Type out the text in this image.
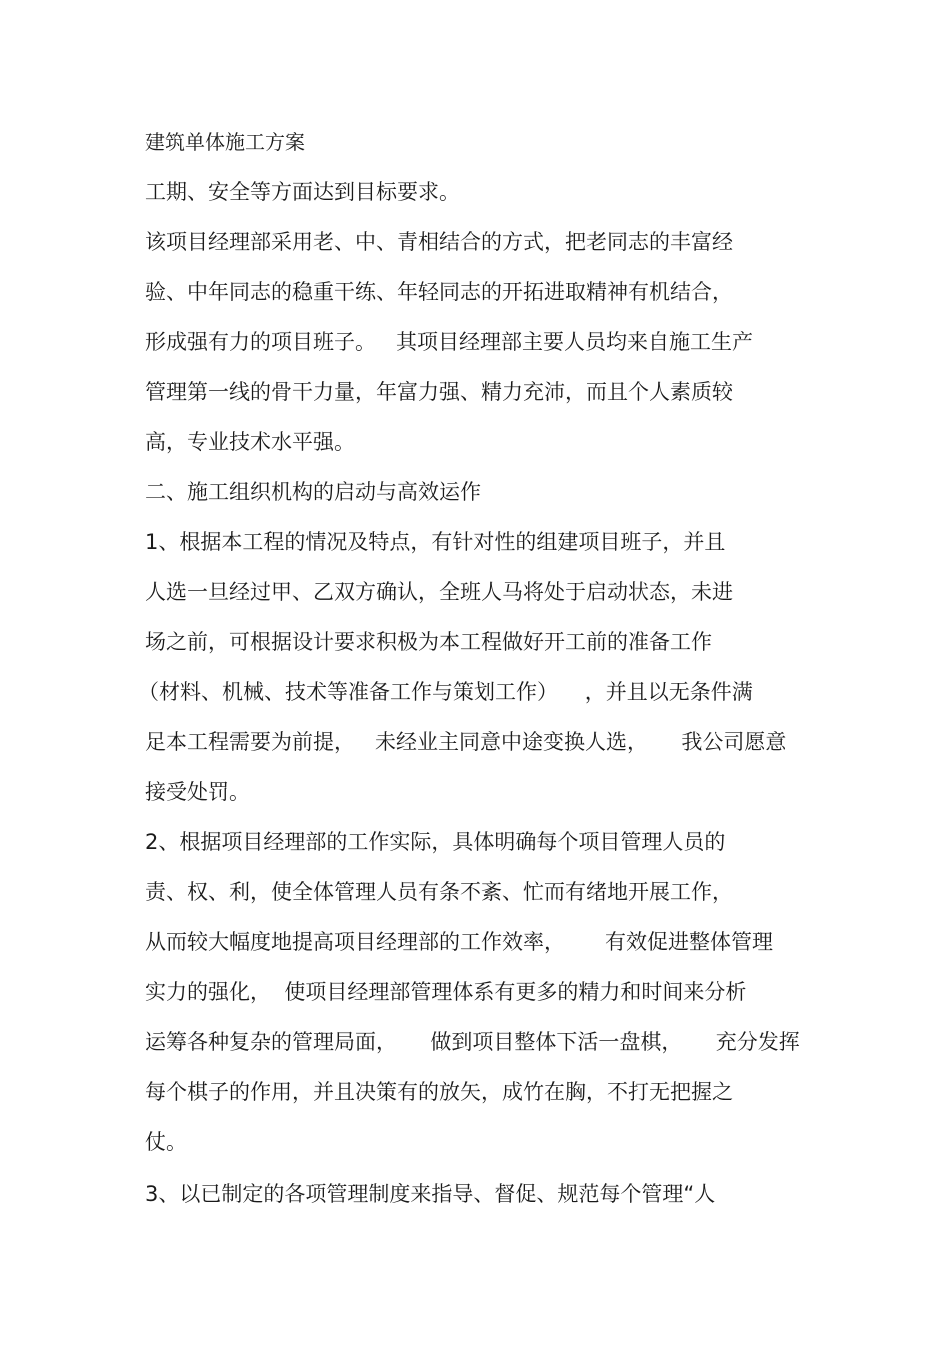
建筑单体施工方案
工期、安全等方面达到目标要求。
该项目经理部采用老、中、青相结合的方式，把老同志的丰富经
验、中年同志的稳重干练、年轻同志的开拓进取精神有机结合，
形成强有力的项目班子。   其项目经理部主要人员均来自施工生产
管理第一线的骨干力量，年富力强、精力充沛，而且个人素质较
高，专业技术水平强。
二、施工组织机构的启动与高效运作
1、根据本工程的情况及特点，有针对性的组建项目班子，并且
人选一旦经过甲、乙双方确认，全班人马将处于启动状态，未进
场之前，可根据设计要求积极为本工程做好开工前的准备工作
（材料、机械、技术等准备工作与策划工作）    ，并且以无条件满
足本工程需要为前提，   未经业主同意中途变换人选，     我公司愿意
接受处罚。
2、根据项目经理部的工作实际，具体明确每个项目管理人员的
责、权、利，使全体管理人员有条不紊、忙而有绪地开展工作，
从而较大幅度地提高项目经理部的工作效率，      有效促进整体管理
实力的强化，  使项目经理部管理体系有更多的精力和时间来分析
运筹各种复杂的管理局面，     做到项目整体下活一盘棋，     充分发挥
每个棋子的作用，并且决策有的放矢，成竹在胸，不打无把握之
仗。
3、以已制定的各项管理制度来指导、督促、规范每个管理“人
